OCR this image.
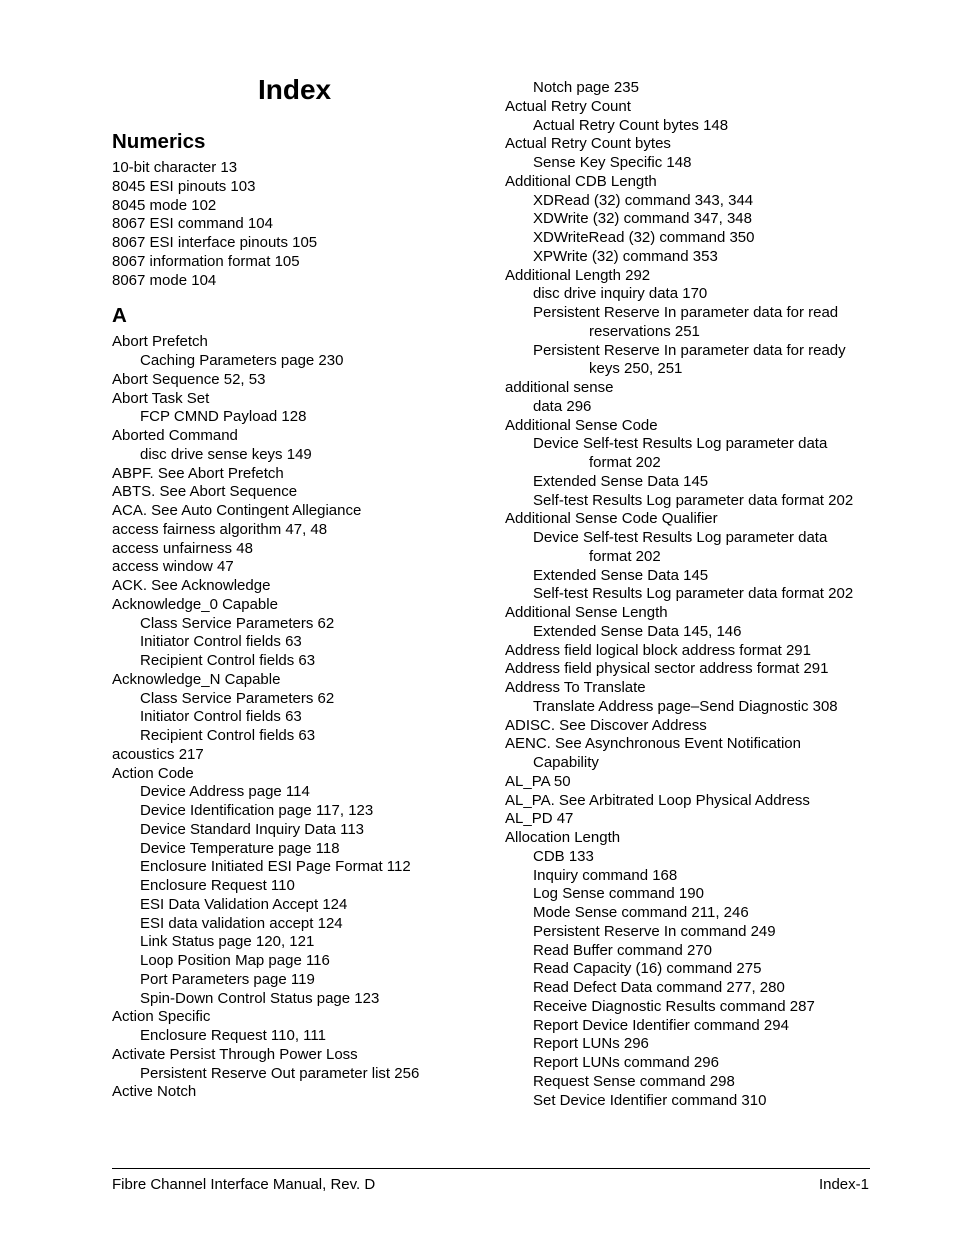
Index
Numerics
10-bit character 13
8045 ESI pinouts 103
8045 mode 102
8067 ESI command 104
8067 ESI interface pinouts 105
8067 information format 105
8067 mode 104
A
Abort Prefetch
Caching Parameters page 230
Abort Sequence 52, 53
Abort Task Set
FCP CMND Payload 128
Aborted Command
disc drive sense keys 149
ABPF. See Abort Prefetch
ABTS. See Abort Sequence
ACA. See Auto Contingent Allegiance
access fairness algorithm 47, 48
access unfairness 48
access window 47
ACK. See Acknowledge
Acknowledge_0 Capable
Class Service Parameters 62
Initiator Control fields 63
Recipient Control fields 63
Acknowledge_N Capable
Class Service Parameters 62
Initiator Control fields 63
Recipient Control fields 63
acoustics 217
Action Code
Device Address page 114
Device Identification page 117, 123
Device Standard Inquiry Data 113
Device Temperature page 118
Enclosure Initiated ESI Page Format 112
Enclosure Request 110
ESI Data Validation Accept 124
ESI data validation accept 124
Link Status page 120, 121
Loop Position Map page 116
Port Parameters page 119
Spin-Down Control Status page 123
Action Specific
Enclosure Request 110, 111
Activate Persist Through Power Loss
Persistent Reserve Out parameter list 256
Active Notch
Notch page 235
Actual Retry Count
Actual Retry Count bytes 148
Actual Retry Count bytes
Sense Key Specific 148
Additional CDB Length
XDRead (32) command 343, 344
XDWrite (32) command 347, 348
XDWriteRead (32) command 350
XPWrite (32) command 353
Additional Length 292
disc drive inquiry data 170
Persistent Reserve In parameter data for read
reservations 251
Persistent Reserve In parameter data for ready
keys 250, 251
additional sense
data 296
Additional Sense Code
Device Self-test Results Log parameter data
format 202
Extended Sense Data 145
Self-test Results Log parameter data format 202
Additional Sense Code Qualifier
Device Self-test Results Log parameter data
format 202
Extended Sense Data 145
Self-test Results Log parameter data format 202
Additional Sense Length
Extended Sense Data 145, 146
Address field logical block address format 291
Address field physical sector address format 291
Address To Translate
Translate Address page–Send Diagnostic 308
ADISC. See Discover Address
AENC. See Asynchronous Event Notification
Capability
AL_PA 50
AL_PA. See Arbitrated Loop Physical Address
AL_PD 47
Allocation Length
CDB 133
Inquiry command 168
Log Sense command 190
Mode Sense command 211, 246
Persistent Reserve In command 249
Read Buffer command 270
Read Capacity (16) command 275
Read Defect Data command 277, 280
Receive Diagnostic Results command 287
Report Device Identifier command 294
Report LUNs 296
Report LUNs command 296
Request Sense command 298
Set Device Identifier command 310
Fibre Channel Interface Manual, Rev. D	Index-1
